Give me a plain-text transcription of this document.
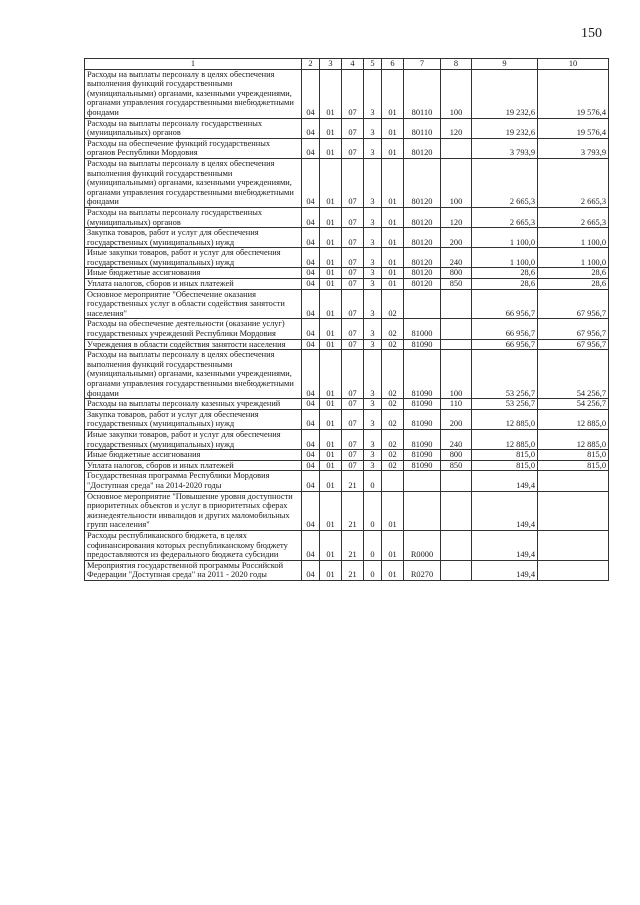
150
1	2	3	4	5	6	7	8	9	10
Расходы на выплаты персоналу в целях обеспечения выполнения функций государственными (муниципальными) органами, казенными учреждениями, органами управления государственными внебюджетными фондами	04	01	07	3	01	80110	100	19 232,6	19 576,4
Расходы на выплаты персоналу государственных (муниципальных) органов	04	01	07	3	01	80110	120	19 232,6	19 576,4
Расходы на обеспечение функций государственных органов Республики Мордовия	04	01	07	3	01	80120		3 793,9	3 793,9
Расходы на выплаты персоналу в целях обеспечения выполнения функций государственными (муниципальными) органами, казенными учреждениями, органами управления государственными внебюджетными фондами	04	01	07	3	01	80120	100	2 665,3	2 665,3
Расходы на выплаты персоналу государственных (муниципальных) органов	04	01	07	3	01	80120	120	2 665,3	2 665,3
Закупка товаров, работ и услуг для обеспечения государственных (муниципальных) нужд	04	01	07	3	01	80120	200	1 100,0	1 100,0
Иные закупки товаров, работ и услуг для обеспечения государственных (муниципальных) нужд	04	01	07	3	01	80120	240	1 100,0	1 100,0
Иные бюджетные ассигнования	04	01	07	3	01	80120	800	28,6	28,6
Уплата налогов, сборов и иных платежей	04	01	07	3	01	80120	850	28,6	28,6
Основное мероприятие "Обеспечение оказания государственных услуг в области содействия занятости населения"	04	01	07	3	02			66 956,7	67 956,7
Расходы на обеспечение деятельности (оказание услуг) государственных учреждений Республики Мордовия	04	01	07	3	02	81000		66 956,7	67 956,7
Учреждения в области содействия занятости населения	04	01	07	3	02	81090		66 956,7	67 956,7
Расходы на выплаты персоналу в целях обеспечения выполнения функций государственными (муниципальными) органами, казенными учреждениями, органами управления государственными внебюджетными фондами	04	01	07	3	02	81090	100	53 256,7	54 256,7
Расходы на выплаты персоналу казенных учреждений	04	01	07	3	02	81090	110	53 256,7	54 256,7
Закупка товаров, работ и услуг для обеспечения государственных (муниципальных) нужд	04	01	07	3	02	81090	200	12 885,0	12 885,0
Иные закупки товаров, работ и услуг для обеспечения государственных (муниципальных) нужд	04	01	07	3	02	81090	240	12 885,0	12 885,0
Иные бюджетные ассигнования	04	01	07	3	02	81090	800	815,0	815,0
Уплата налогов, сборов и иных платежей	04	01	07	3	02	81090	850	815,0	815,0
Государственная программа Республики Мордовия "Доступная среда" на 2014-2020 годы	04	01	21	0				149,4	
Основное мероприятие "Повышение уровня доступности приоритетных объектов и услуг в приоритетных сферах жизнедеятельности инвалидов и других маломобильных групп населения"	04	01	21	0	01			149,4	
Расходы республиканского бюджета, в целях софинансирования которых республиканскому бюджету предоставляются из федерального бюджета субсидии	04	01	21	0	01	R0000		149,4	
Мероприятия государственной программы Российской Федерации "Доступная среда" на 2011 - 2020 годы	04	01	21	0	01	R0270		149,4	
